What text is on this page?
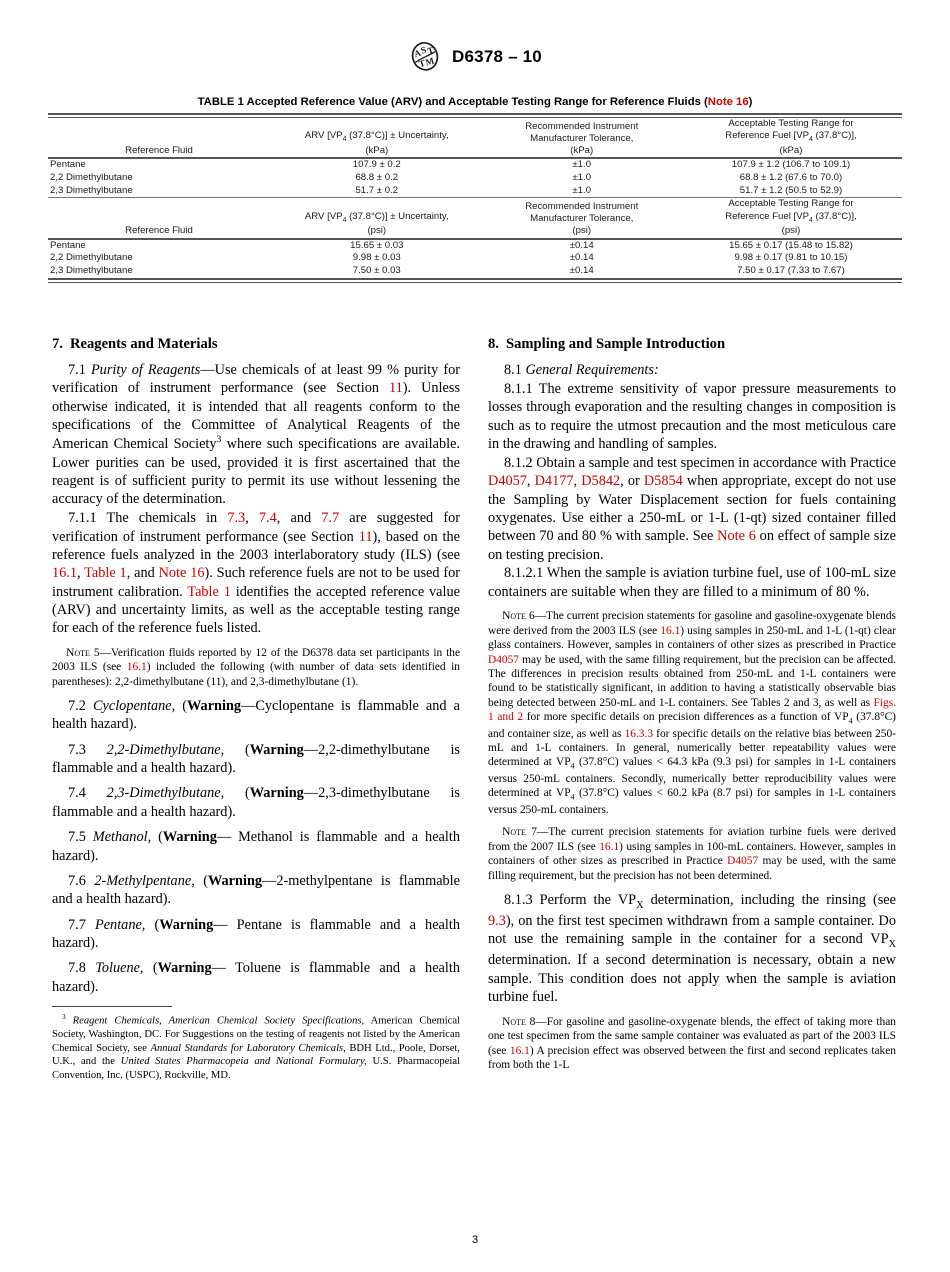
A
S
T
T
M D6378 – 10
TABLE 1 Accepted Reference Value (ARV) and Acceptable Testing Range for Reference Fluids (Note 16)

Reference Fluid	ARV [$VP_4$ (37.8°C)] ± Uncertainty,
(kPa)	Recommended Instrument
Manufacturer Tolerance,
(kPa)	Acceptable Testing Range for
Reference Fuel [$VP_4$ (37.8°C)],
(kPa)

Pentane	107.9 ± 0.2	±1.0	107.9 ± 1.2 (106.7 to 109.1)
2,2 Dimethylbutane	68.8 ± 0.2	±1.0	68.8 ± 1.2 (67.6 to 70.0)
2,3 Dimethylbutane	51.7 ± 0.2	±1.0	51.7 ± 1.2 (50.5 to 52.9)

Reference Fluid	ARV [$VP_4$ (37.8°C)] ± Uncertainty,
(psi)	Recommended Instrument
Manufacturer Tolerance,
(psi)	Acceptable Testing Range for
Reference Fuel [$VP_4$ (37.8°C)],
(psi)

Pentane	15.65 ± 0.03	±0.14	15.65 ± 0.17 (15.48 to 15.82)
2,2 Dimethylbutane	9.98 ± 0.03	±0.14	9.98 ± 0.17 (9.81 to 10.15)
2,3 Dimethylbutane	7.50 ± 0.03	±0.14	7.50 ± 0.17 (7.33 to 7.67)

7. Reagents and Materials

7.1 Purity of Reagents—Use chemicals of at least 99 % purity for verification of instrument performance (see Section 11). Unless otherwise indicated, it is intended that all reagents conform to the specifications of the Committee of Analytical Reagents of the American Chemical Society$^3$ where such specifications are available. Lower purities can be used, provided it is first ascertained that the reagent is of sufficient purity to permit its use without lessening the accuracy of the determination.

7.1.1 The chemicals in 7.3, 7.4, and 7.7 are suggested for verification of instrument performance (see Section 11), based on the reference fuels analyzed in the 2003 interlaboratory study (ILS) (see 16.1, Table 1, and Note 16). Such reference fuels are not to be used for instrument calibration. Table 1 identifies the accepted reference value (ARV) and uncertainty limits, as well as the acceptable testing range for each of the reference fuels listed.

Note 5—Verification fluids reported by 12 of the D6378 data set participants in the 2003 ILS (see 16.1) included the following (with number of data sets identified in parentheses): 2,2-dimethylbutane (11), and 2,3-dimethylbutane (1).

7.2 Cyclopentane, (Warning—Cyclopentane is flammable and a health hazard).

7.3 2,2-Dimethylbutane, (Warning—2,2-dimethylbutane is flammable and a health hazard).

7.4 2,3-Dimethylbutane, (Warning—2,3-dimethylbutane is flammable and a health hazard).

7.5 Methanol, (Warning— Methanol is flammable and a health hazard).

7.6 2-Methylpentane, (Warning—2-methylpentane is flammable and a health hazard).

7.7 Pentane, (Warning— Pentane is flammable and a health hazard).

7.8 Toluene, (Warning— Toluene is flammable and a health hazard).

$^3$ Reagent Chemicals, American Chemical Society Specifications, American Chemical Society, Washington, DC. For Suggestions on the testing of reagents not listed by the American Chemical Society, see Annual Standards for Laboratory Chemicals, BDH Ltd., Poole, Dorset, U.K., and the United States Pharmacopeia and National Formulary, U.S. Pharmacopeial Convention, Inc. (USPC), Rockville, MD.

8. Sampling and Sample Introduction

8.1 General Requirements:

8.1.1 The extreme sensitivity of vapor pressure measurements to losses through evaporation and the resulting changes in composition is such as to require the utmost precaution and the most meticulous care in the drawing and handling of samples.

8.1.2 Obtain a sample and test specimen in accordance with Practice D4057, D4177, D5842, or D5854 when appropriate, except do not use the Sampling by Water Displacement section for fuels containing oxygenates. Use either a 250-mL or 1-L (1-qt) sized container filled between 70 and 80 % with sample. See Note 6 on effect of sample size on testing precision.

8.1.2.1 When the sample is aviation turbine fuel, use of 100-mL size containers are suitable when they are filled to a minimum of 80 %.

Note 6—The current precision statements for gasoline and gasoline-oxygenate blends were derived from the 2003 ILS (see 16.1) using samples in 250-mL and 1-L (1-qt) clear glass containers. However, samples in containers of other sizes as prescribed in Practice D4057 may be used, with the same filling requirement, but the precision can be affected. The differences in precision results obtained from 250-mL and 1-L containers were found to be statistically significant, in addition to having a statistically observable bias being detected between 250-mL and 1-L containers. See Tables 2 and 3, as well as Figs. 1 and 2 for more specific details on precision differences as a function of $VP_4$ (37.8°C) and container size, as well as 16.3.3 for specific details on the relative bias between 250-mL and 1-L containers. In general, numerically better repeatability values were determined at $VP_4$ (37.8°C) values < 64.3 kPa (9.3 psi) for samples in 1-L containers versus 250-mL containers. Secondly, numerically better reproducibility values were determined at $VP_4$ (37.8°C) values < 60.2 kPa (8.7 psi) for samples in 1-L containers versus 250-mL containers.

Note 7—The current precision statements for aviation turbine fuels were derived from the 2007 ILS (see 16.1) using samples in 100-mL containers. However, samples in containers of other sizes as prescribed in Practice D4057 may be used, with the same filling requirement, but the precision has not been determined.

8.1.3 Perform the $VP_X$ determination, including the rinsing (see 9.3), on the first test specimen withdrawn from a sample container. Do not use the remaining sample in the container for a second $VP_X$ determination. If a second determination is necessary, obtain a new sample. This condition does not apply when the sample is aviation turbine fuel.

Note 8—For gasoline and gasoline-oxygenate blends, the effect of taking more than one test specimen from the same sample container was evaluated as part of the 2003 ILS (see 16.1) A precision effect was observed between the first and second replicates taken from both the 1-L

3
